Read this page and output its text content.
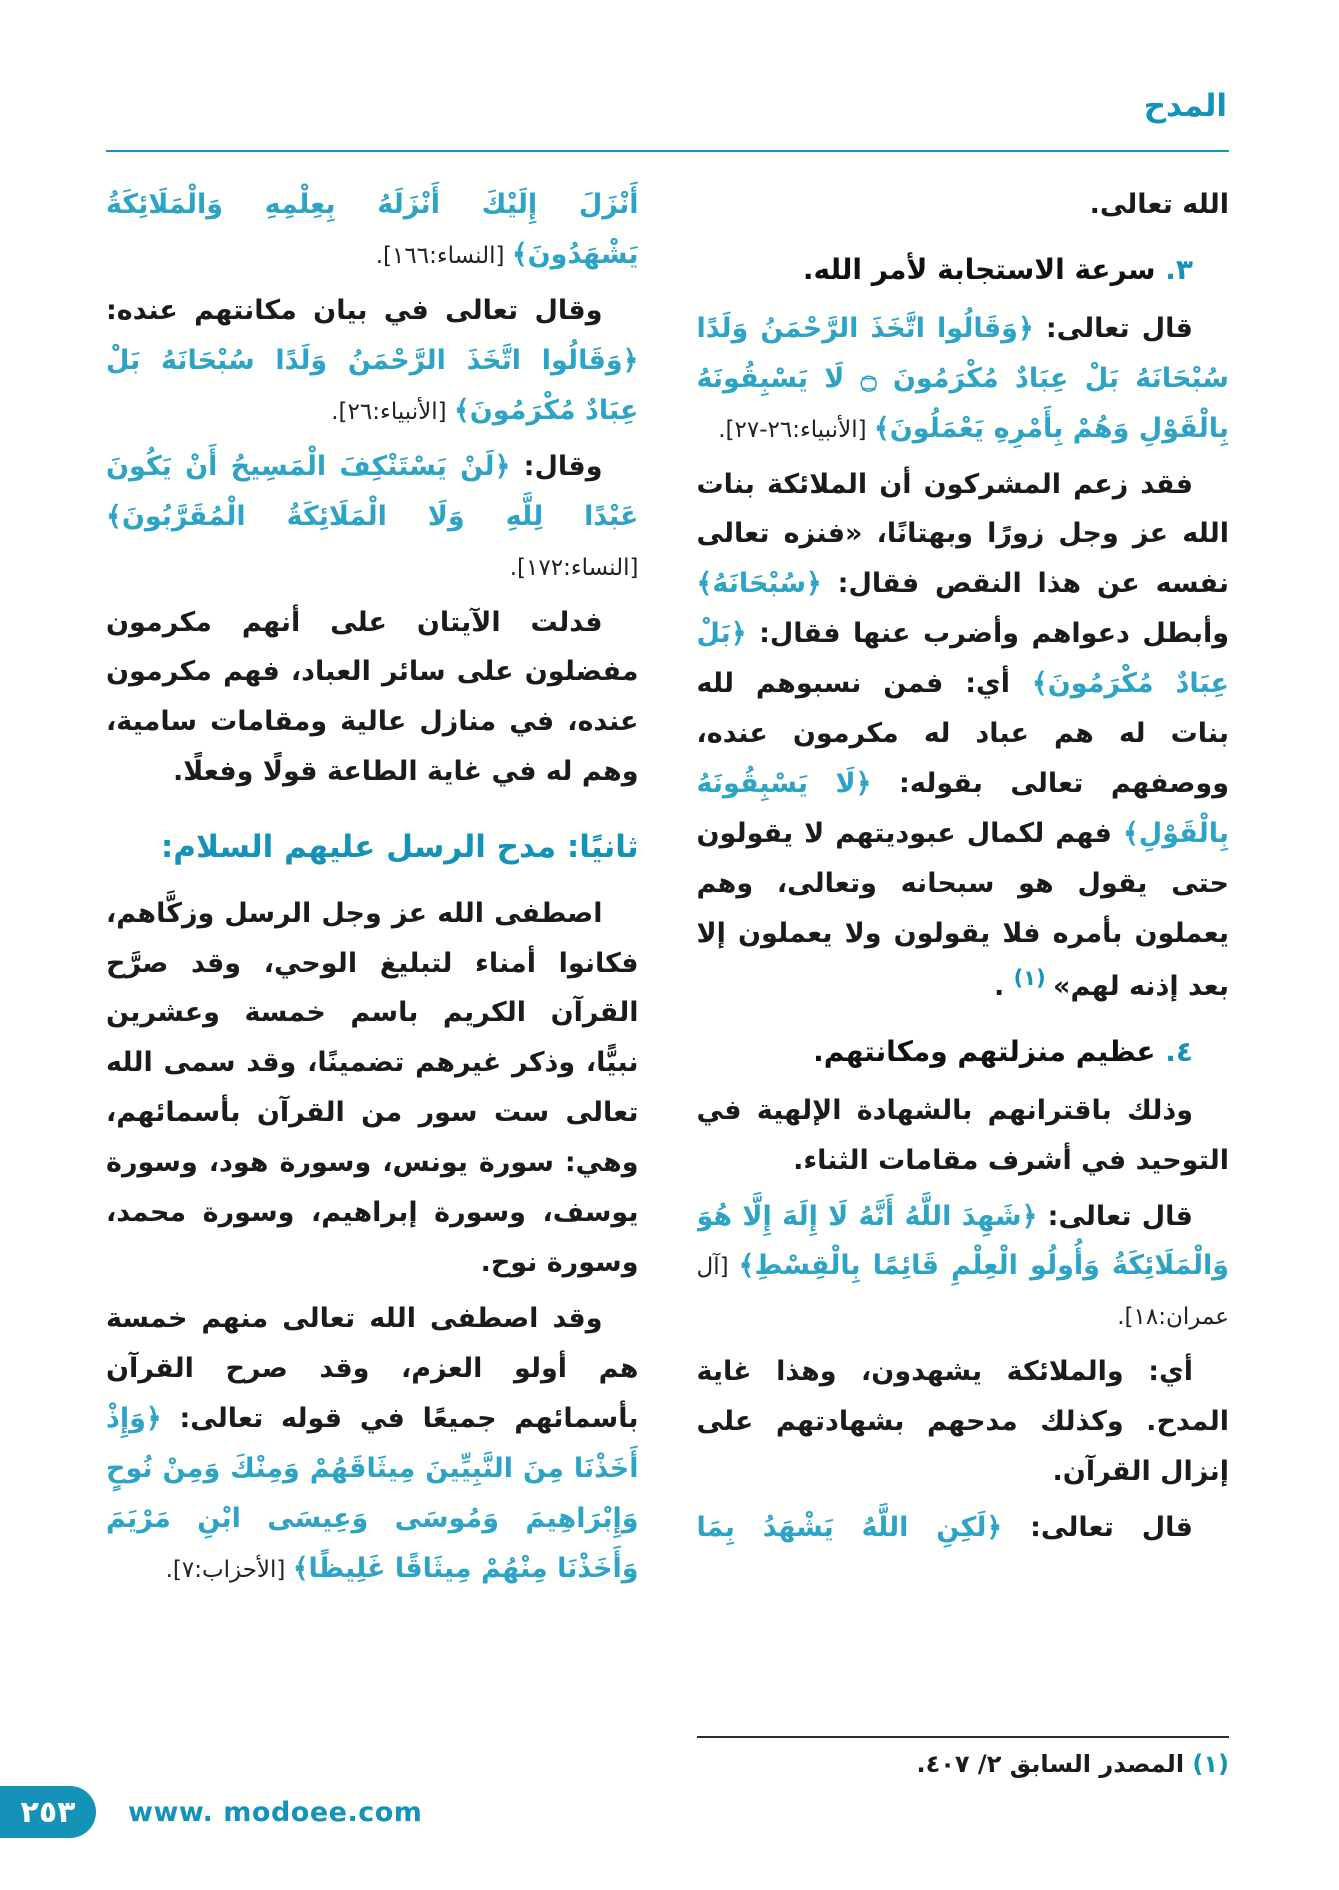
المدح

الله تعالى.

٣. سرعة الاستجابة لأمر الله.

قال تعالى: ﴿وَقَالُوا اتَّخَذَ الرَّحْمَنُ وَلَدًا سُبْحَانَهُ بَلْ عِبَادٌ مُكْرَمُونَ ۝ لَا يَسْبِقُونَهُ بِالْقَوْلِ وَهُمْ بِأَمْرِهِ يَعْمَلُونَ﴾ [الأنبياء:٢٦-٢٧].

فقد زعم المشركون أن الملائكة بنات الله عز وجل زورًا وبهتانًا، «فنزه تعالى نفسه عن هذا النقص فقال: ﴿سُبْحَانَهُ﴾ وأبطل دعواهم وأضرب عنها فقال: ﴿بَلْ عِبَادٌ مُكْرَمُونَ﴾ أي: فمن نسبوهم لله بنات له هم عباد له مكرمون عنده، ووصفهم تعالى بقوله: ﴿لَا يَسْبِقُونَهُ بِالْقَوْلِ﴾ فهم لكمال عبوديتهم لا يقولون حتى يقول هو سبحانه وتعالى، وهم يعملون بأمره فلا يقولون ولا يعملون إلا بعد إذنه لهم» $^{(١)}$ .

٤. عظيم منزلتهم ومكانتهم.

وذلك باقترانهم بالشهادة الإلهية في التوحيد في أشرف مقامات الثناء.

قال تعالى: ﴿شَهِدَ اللَّهُ أَنَّهُ لَا إِلَهَ إِلَّا هُوَ وَالْمَلَائِكَةُ وَأُولُو الْعِلْمِ قَائِمًا بِالْقِسْطِ﴾ [آل عمران:١٨].

أي: والملائكة يشهدون، وهذا غاية المدح. وكذلك مدحهم بشهادتهم على إنزال القرآن.

قال تعالى: ﴿لَكِنِ اللَّهُ يَشْهَدُ بِمَا

(١) المصدر السابق ٢/ ٤٠٧.

أَنْزَلَ إِلَيْكَ أَنْزَلَهُ بِعِلْمِهِ وَالْمَلَائِكَةُ يَشْهَدُونَ﴾ [النساء:١٦٦].

وقال تعالى في بيان مكانتهم عنده: ﴿وَقَالُوا اتَّخَذَ الرَّحْمَنُ وَلَدًا سُبْحَانَهُ بَلْ عِبَادٌ مُكْرَمُونَ﴾ [الأنبياء:٢٦].

وقال: ﴿لَنْ يَسْتَنْكِفَ الْمَسِيحُ أَنْ يَكُونَ عَبْدًا لِلَّهِ وَلَا الْمَلَائِكَةُ الْمُقَرَّبُونَ﴾ [النساء:١٧٢].

فدلت الآيتان على أنهم مكرمون مفضلون على سائر العباد، فهم مكرمون عنده، في منازل عالية ومقامات سامية، وهم له في غاية الطاعة قولًا وفعلًا.

ثانيًا: مدح الرسل عليهم السلام:

اصطفى الله عز وجل الرسل وزكَّاهم، فكانوا أمناء لتبليغ الوحي، وقد صرَّح القرآن الكريم باسم خمسة وعشرين نبيًّا، وذكر غيرهم تضمينًا، وقد سمى الله تعالى ست سور من القرآن بأسمائهم، وهي: سورة يونس، وسورة هود، وسورة يوسف، وسورة إبراهيم، وسورة محمد، وسورة نوح.

وقد اصطفى الله تعالى منهم خمسة هم أولو العزم، وقد صرح القرآن بأسمائهم جميعًا في قوله تعالى: ﴿وَإِذْ أَخَذْنَا مِنَ النَّبِيِّينَ مِيثَاقَهُمْ وَمِنْكَ وَمِنْ نُوحٍ وَإِبْرَاهِيمَ وَمُوسَى وَعِيسَى ابْنِ مَرْيَمَ وَأَخَذْنَا مِنْهُمْ مِيثَاقًا غَلِيظًا﴾ [الأحزاب:٧].

٢٥٣ www. modoee.com
